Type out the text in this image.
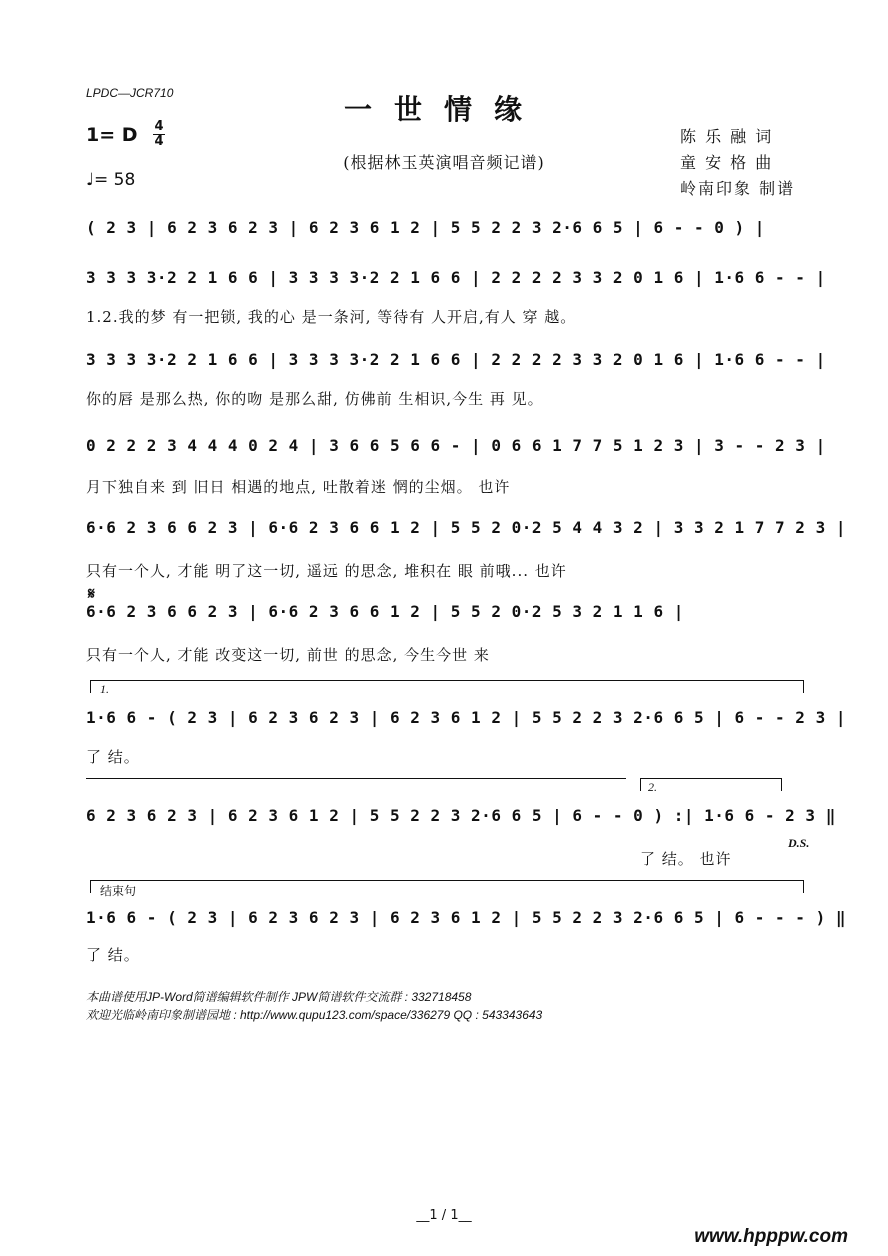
LPDC—JCR710	一世情缘
1= D 4
4
♩= 58
(根据林玉英演唱音频记谱)
陈 乐 融 词
童 安 格 曲
岭南印象 制谱
( 2 3 | 6 2 3 6 2 3 | 6 2 3 6 1 2 | 5 5 2 2 3 2·6 6 5 | 6 - - 0 ) |
3 3 3 3·2 2 1 6 6 | 3 3 3 3·2 2 1 6 6 | 2 2 2 2 3 3 2 0 1 6 | 1·6 6 - - |
1.2.我的梦 有一把锁, 我的心 是一条河, 等待有 人开启,有人 穿 越。
3 3 3 3·2 2 1 6 6 | 3 3 3 3·2 2 1 6 6 | 2 2 2 2 3 3 2 0 1 6 | 1·6 6 - - |
你的唇 是那么热, 你的吻 是那么甜, 仿佛前 生相识,今生 再 见。
0 2 2 2 3 4 4 4 0 2 4 | 3 6 6 5 6 6 - | 0 6 6 1 7 7 5 1 2 3 | 3 - - 2 3 |
月下独自来 到 旧日 相遇的地点, 吐散着迷 惘的尘烟。 也许
6·6 2 3 6 6 2 3 | 6·6 2 3 6 6 1 2 | 5 5 2 0·2 5 4 4 3 2 | 3 3 2 1 7 7 2 3 |
只有一个人, 才能 明了这一切, 遥远 的思念, 堆积在 眼 前哦... 也许
𝄋
6·6 2 3 6 6 2 3 | 6·6 2 3 6 6 1 2 | 5 5 2 0·2 5 3 2 1 1 6 |
只有一个人, 才能 改变这一切, 前世 的思念, 今生今世 来
1.
1·6 6 - ( 2 3 | 6 2 3 6 2 3 | 6 2 3 6 1 2 | 5 5 2 2 3 2·6 6 5 | 6 - - 2 3 |
了 结。
2.
6 2 3 6 2 3 | 6 2 3 6 1 2 | 5 5 2 2 3 2·6 6 5 | 6 - - 0 ) :| 1·6 6 - 2 3 ‖
了 结。 也许
D.S.
结束句
1·6 6 - ( 2 3 | 6 2 3 6 2 3 | 6 2 3 6 1 2 | 5 5 2 2 3 2·6 6 5 | 6 - - - ) ‖
了 结。
本曲谱使用JP-Word简谱编辑软件制作 JPW简谱软件交流群 : 332718458
欢迎光临岭南印象制谱园地 : http://www.qupu123.com/space/336279 QQ : 543343643
__1 / 1__
www.hpppw.com
